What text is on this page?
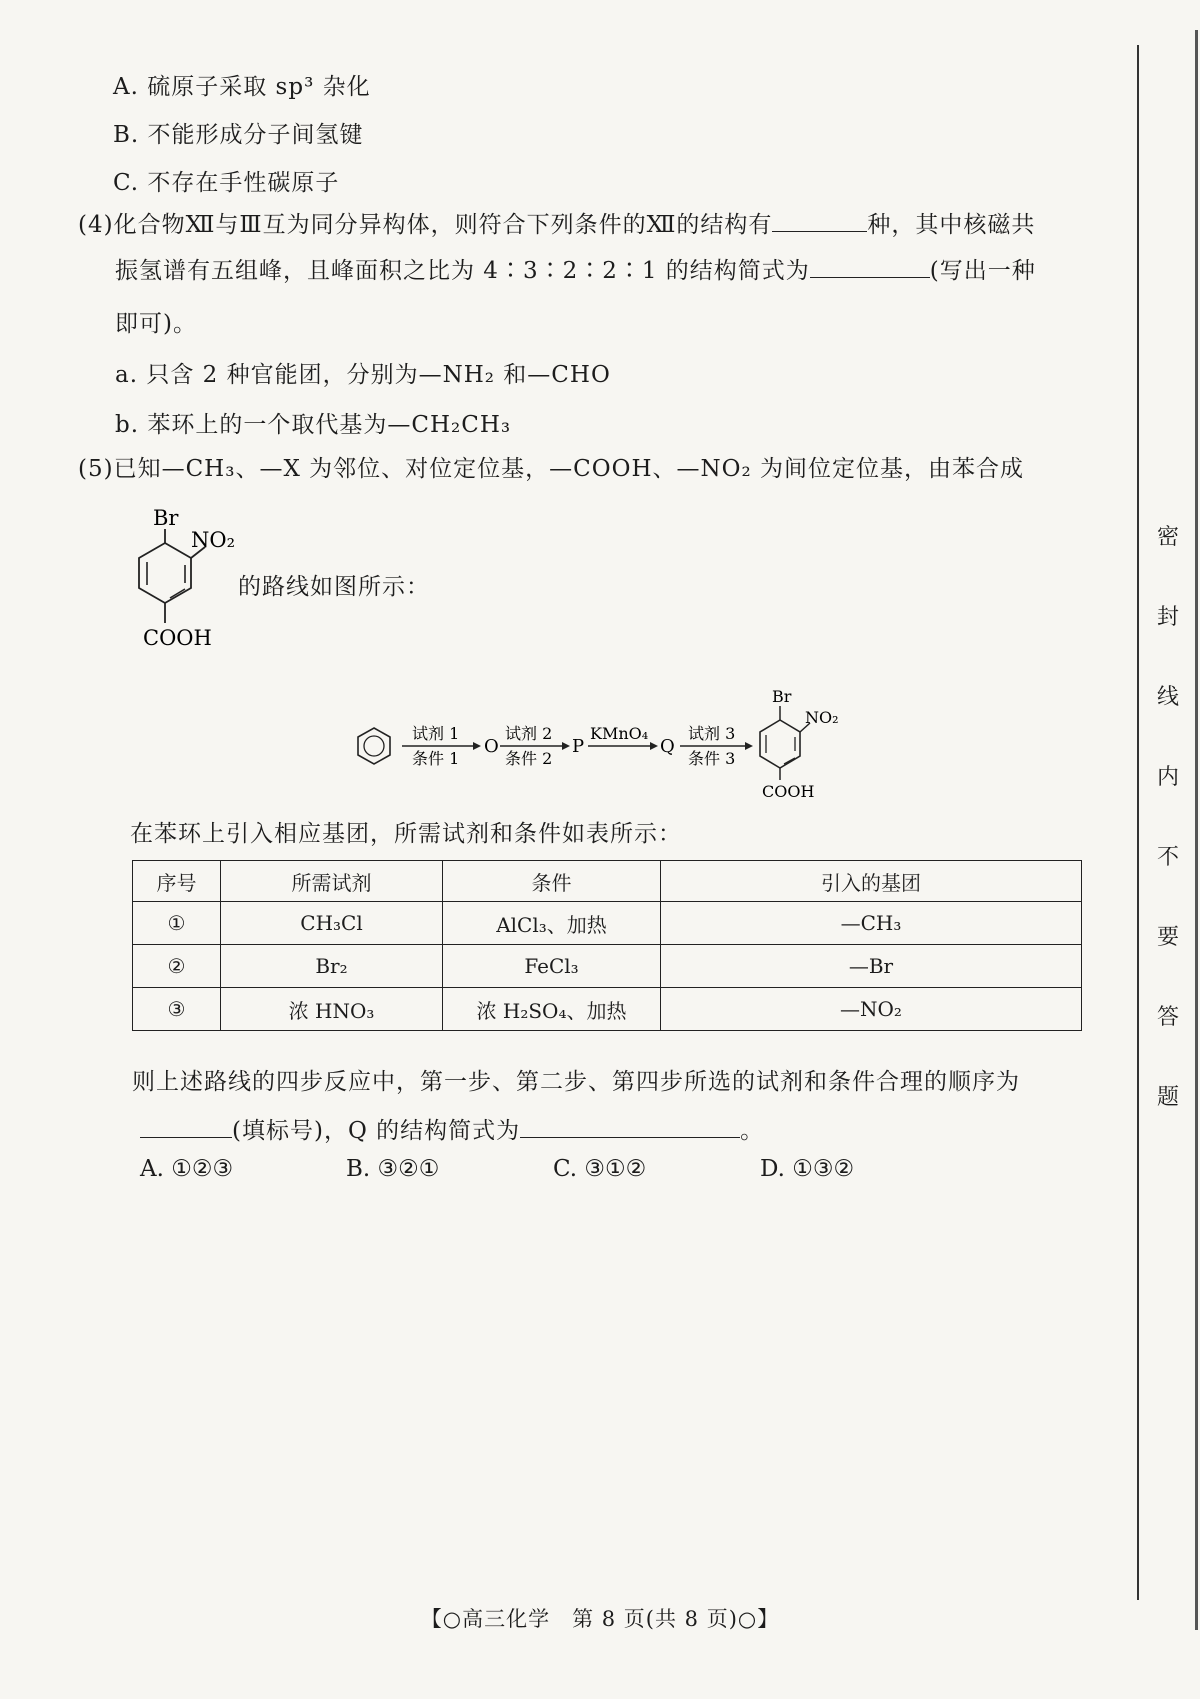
A. 硫原子采取 sp³ 杂化
B. 不能形成分子间氢键
C. 不存在手性碳原子
(4)化合物Ⅻ与Ⅲ互为同分异构体，则符合下列条件的Ⅻ的结构有	种，其中核磁共
振氢谱有五组峰，且峰面积之比为 4∶3∶2∶2∶1 的结构简式为	(写出一种
即可)。
a. 只含 2 种官能团，分别为—NH₂ 和—CHO
b. 苯环上的一个取代基为—CH₂CH₃
(5)已知—CH₃、—X 为邻位、对位定位基，—COOH、—NO₂ 为间位定位基，由苯合成
Br
NO₂
COOH
的路线如图所示：
试剂 1
条件 1
O
试剂 2
条件 2
P
KMnO₄
Q
试剂 3
条件 3
Br
NO₂
COOH
在苯环上引入相应基团，所需试剂和条件如表所示：
序号	所需试剂	条件	引入的基团
①	CH₃Cl	AlCl₃、加热	—CH₃
②	Br₂	FeCl₃	—Br
③	浓 HNO₃	浓 H₂SO₄、加热	—NO₂
则上述路线的四步反应中，第一步、第二步、第四步所选的试剂和条件合理的顺序为
(填标号)，Q 的结构简式为	。
A. ①②③	B. ③②①	C. ③①②	D. ①③②
【○高三化学　第 8 页(共 8 页)○】
密
封
线
内
不
要
答
题
